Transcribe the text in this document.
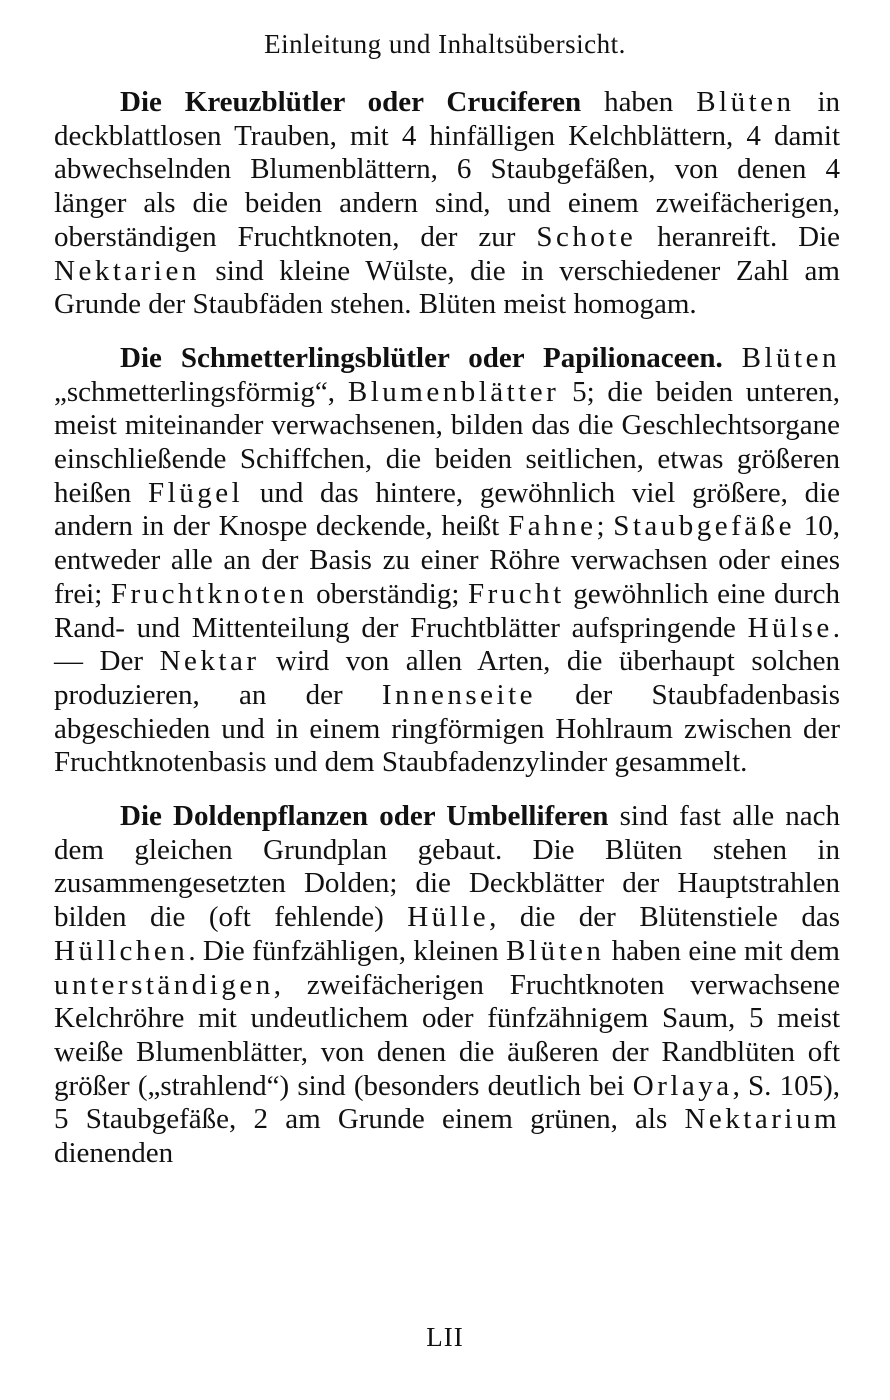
Einleitung und Inhaltsübersicht.

Die Kreuzblütler oder Cruciferen haben Blüten in deckblattlosen Trauben, mit 4 hinfälligen Kelchblättern, 4 damit abwechselnden Blumenblättern, 6 Staubgefäßen, von denen 4 länger als die beiden andern sind, und einem zweifächerigen, oberständigen Fruchtknoten, der zur Schote heranreift. Die Nektarien sind kleine Wülste, die in verschiedener Zahl am Grunde der Staubfäden stehen. Blüten meist homogam.

Die Schmetterlingsblütler oder Papilionaceen. Blüten „schmetterlingsförmig“, Blumenblätter 5; die beiden unteren, meist miteinander verwachsenen, bilden das die Geschlechtsorgane einschließende Schiffchen, die beiden seitlichen, etwas größeren heißen Flügel und das hintere, gewöhnlich viel größere, die andern in der Knospe deckende, heißt Fahne; Staubgefäße 10, entweder alle an der Basis zu einer Röhre verwachsen oder eines frei; Fruchtknoten oberständig; Frucht gewöhnlich eine durch Rand- und Mittenteilung der Fruchtblätter aufspringende Hülse. — Der Nektar wird von allen Arten, die überhaupt solchen produzieren, an der Innenseite der Staubfadenbasis abgeschieden und in einem ringförmigen Hohlraum zwischen der Fruchtknotenbasis und dem Staubfadenzylinder gesammelt.

Die Doldenpflanzen oder Umbelliferen sind fast alle nach dem gleichen Grundplan gebaut. Die Blüten stehen in zusammengesetzten Dolden; die Deckblätter der Hauptstrahlen bilden die (oft fehlende) Hülle, die der Blütenstiele das Hüllchen. Die fünfzähligen, kleinen Blüten haben eine mit dem unterständigen, zweifächerigen Fruchtknoten verwachsene Kelchröhre mit undeutlichem oder fünfzähnigem Saum, 5 meist weiße Blumenblätter, von denen die äußeren der Randblüten oft größer („strahlend“) sind (besonders deutlich bei Orlaya, S. 105), 5 Staubgefäße, 2 am Grunde einem grünen, als Nektarium dienenden

LII
